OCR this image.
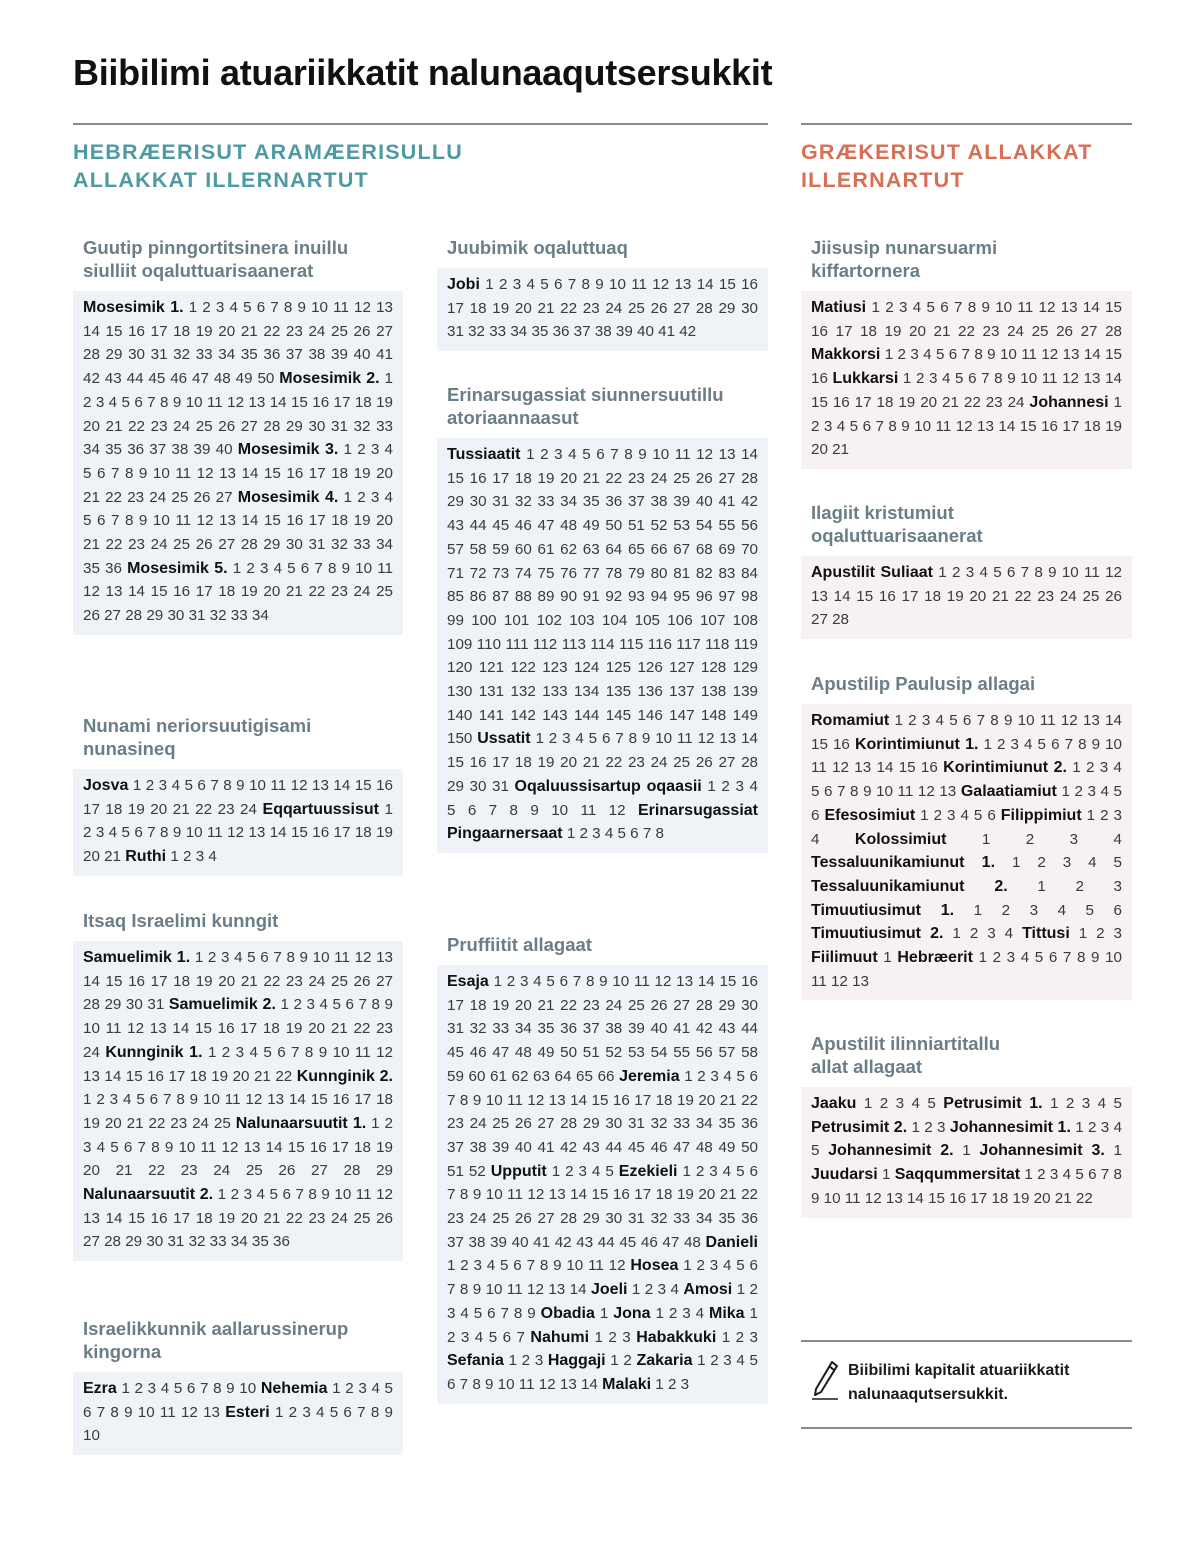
Biibilimi atuariikkatit nalunaaqutsersukkit
HEBRÆERISUT ARAMÆERISULLU
ALLAKKAT ILLERNARTUT
GRÆKERISUT ALLAKKAT
ILLERNARTUT
Guutip pinngortitsinera inuillu
siulliit oqaluttuarisaanerat
Mosesimik 1. 1 2 3 4 5 6 7 8 9 10 11 12 13 14 15 16 17 18 19 20 21 22 23 24 25 26 27 28 29 30 31 32 33 34 35 36 37 38 39 40 41 42 43 44 45 46 47 48 49 50 Mosesimik 2. 1 2 3 4 5 6 7 8 9 10 11 12 13 14 15 16 17 18 19 20 21 22 23 24 25 26 27 28 29 30 31 32 33 34 35 36 37 38 39 40 Mosesimik 3. 1 2 3 4 5 6 7 8 9 10 11 12 13 14 15 16 17 18 19 20 21 22 23 24 25 26 27 Mosesimik 4. 1 2 3 4 5 6 7 8 9 10 11 12 13 14 15 16 17 18 19 20 21 22 23 24 25 26 27 28 29 30 31 32 33 34 35 36 Mosesimik 5. 1 2 3 4 5 6 7 8 9 10 11 12 13 14 15 16 17 18 19 20 21 22 23 24 25 26 27 28 29 30 31 32 33 34
Nunami neriorsuutigisami
nunasineq
Josva 1 2 3 4 5 6 7 8 9 10 11 12 13 14 15 16 17 18 19 20 21 22 23 24 Eqqartuussisut 1 2 3 4 5 6 7 8 9 10 11 12 13 14 15 16 17 18 19 20 21 Ruthi 1 2 3 4
Itsaq Israelimi kunngit
Samuelimik 1. 1 2 3 4 5 6 7 8 9 10 11 12 13 14 15 16 17 18 19 20 21 22 23 24 25 26 27 28 29 30 31 Samuelimik 2. 1 2 3 4 5 6 7 8 9 10 11 12 13 14 15 16 17 18 19 20 21 22 23 24 Kunnginik 1. 1 2 3 4 5 6 7 8 9 10 11 12 13 14 15 16 17 18 19 20 21 22 Kunnginik 2. 1 2 3 4 5 6 7 8 9 10 11 12 13 14 15 16 17 18 19 20 21 22 23 24 25 Nalunaarsuutit 1. 1 2 3 4 5 6 7 8 9 10 11 12 13 14 15 16 17 18 19 20 21 22 23 24 25 26 27 28 29 Nalunaarsuutit 2. 1 2 3 4 5 6 7 8 9 10 11 12 13 14 15 16 17 18 19 20 21 22 23 24 25 26 27 28 29 30 31 32 33 34 35 36
Israelikkunnik aallarussinerup
kingorna
Ezra 1 2 3 4 5 6 7 8 9 10 Nehemia 1 2 3 4 5 6 7 8 9 10 11 12 13 Esteri 1 2 3 4 5 6 7 8 9 10
Juubimik oqaluttuaq
Jobi 1 2 3 4 5 6 7 8 9 10 11 12 13 14 15 16 17 18 19 20 21 22 23 24 25 26 27 28 29 30 31 32 33 34 35 36 37 38 39 40 41 42
Erinarsugassiat siunnersuutillu
atoriaannaasut
Tussiaatit 1 2 3 4 5 6 7 8 9 10 11 12 13 14 15 16 17 18 19 20 21 22 23 24 25 26 27 28 29 30 31 32 33 34 35 36 37 38 39 40 41 42 43 44 45 46 47 48 49 50 51 52 53 54 55 56 57 58 59 60 61 62 63 64 65 66 67 68 69 70 71 72 73 74 75 76 77 78 79 80 81 82 83 84 85 86 87 88 89 90 91 92 93 94 95 96 97 98 99 100 101 102 103 104 105 106 107 108 109 110 111 112 113 114 115 116 117 118 119 120 121 122 123 124 125 126 127 128 129 130 131 132 133 134 135 136 137 138 139 140 141 142 143 144 145 146 147 148 149 150 Ussatit 1 2 3 4 5 6 7 8 9 10 11 12 13 14 15 16 17 18 19 20 21 22 23 24 25 26 27 28 29 30 31 Oqaluussisartup oqaasii 1 2 3 4 5 6 7 8 9 10 11 12 Erinarsugassiat Pingaarnersaat 1 2 3 4 5 6 7 8
Pruffiitit allagaat
Esaja 1 2 3 4 5 6 7 8 9 10 11 12 13 14 15 16 17 18 19 20 21 22 23 24 25 26 27 28 29 30 31 32 33 34 35 36 37 38 39 40 41 42 43 44 45 46 47 48 49 50 51 52 53 54 55 56 57 58 59 60 61 62 63 64 65 66 Jeremia 1 2 3 4 5 6 7 8 9 10 11 12 13 14 15 16 17 18 19 20 21 22 23 24 25 26 27 28 29 30 31 32 33 34 35 36 37 38 39 40 41 42 43 44 45 46 47 48 49 50 51 52 Upputit 1 2 3 4 5 Ezekieli 1 2 3 4 5 6 7 8 9 10 11 12 13 14 15 16 17 18 19 20 21 22 23 24 25 26 27 28 29 30 31 32 33 34 35 36 37 38 39 40 41 42 43 44 45 46 47 48 Danieli 1 2 3 4 5 6 7 8 9 10 11 12 Hosea 1 2 3 4 5 6 7 8 9 10 11 12 13 14 Joeli 1 2 3 4 Amosi 1 2 3 4 5 6 7 8 9 Obadia 1 Jona 1 2 3 4 Mika 1 2 3 4 5 6 7 Nahumi 1 2 3 Habakkuki 1 2 3 Sefania 1 2 3 Haggaji 1 2 Zakaria 1 2 3 4 5 6 7 8 9 10 11 12 13 14 Malaki 1 2 3
Jiisusip nunarsuarmi
kiffartornera
Matiusi 1 2 3 4 5 6 7 8 9 10 11 12 13 14 15 16 17 18 19 20 21 22 23 24 25 26 27 28 Makkorsi 1 2 3 4 5 6 7 8 9 10 11 12 13 14 15 16 Lukkarsi 1 2 3 4 5 6 7 8 9 10 11 12 13 14 15 16 17 18 19 20 21 22 23 24 Johannesi 1 2 3 4 5 6 7 8 9 10 11 12 13 14 15 16 17 18 19 20 21
Ilagiit kristumiut
oqaluttuarisaanerat
Apustilit Suliaat 1 2 3 4 5 6 7 8 9 10 11 12 13 14 15 16 17 18 19 20 21 22 23 24 25 26 27 28
Apustilip Paulusip allagai
Romamiut 1 2 3 4 5 6 7 8 9 10 11 12 13 14 15 16 Korintimiunut 1. 1 2 3 4 5 6 7 8 9 10 11 12 13 14 15 16 Korintimiunut 2. 1 2 3 4 5 6 7 8 9 10 11 12 13 Galaatiamiut 1 2 3 4 5 6 Efesosimiut 1 2 3 4 5 6 Filippimiut 1 2 3 4 Kolossimiut 1 2 3 4 Tessaluunikamiunut 1. 1 2 3 4 5 Tessaluunikamiunut 2. 1 2 3 Timuutiusimut 1. 1 2 3 4 5 6 Timuutiusimut 2. 1 2 3 4 Tittusi 1 2 3 Fiilimuut 1 Hebræerit 1 2 3 4 5 6 7 8 9 10 11 12 13
Apustilit ilinniartitallu
allat allagaat
Jaaku 1 2 3 4 5 Petrusimit 1. 1 2 3 4 5 Petrusimit 2. 1 2 3 Johannesimit 1. 1 2 3 4 5 Johannesimit 2. 1 Johannesimit 3. 1 Juudarsi 1 Saqqummersitat 1 2 3 4 5 6 7 8 9 10 11 12 13 14 15 16 17 18 19 20 21 22
Biibilimi kapitalit atuariikkatit
nalunaaqutsersukkit.
